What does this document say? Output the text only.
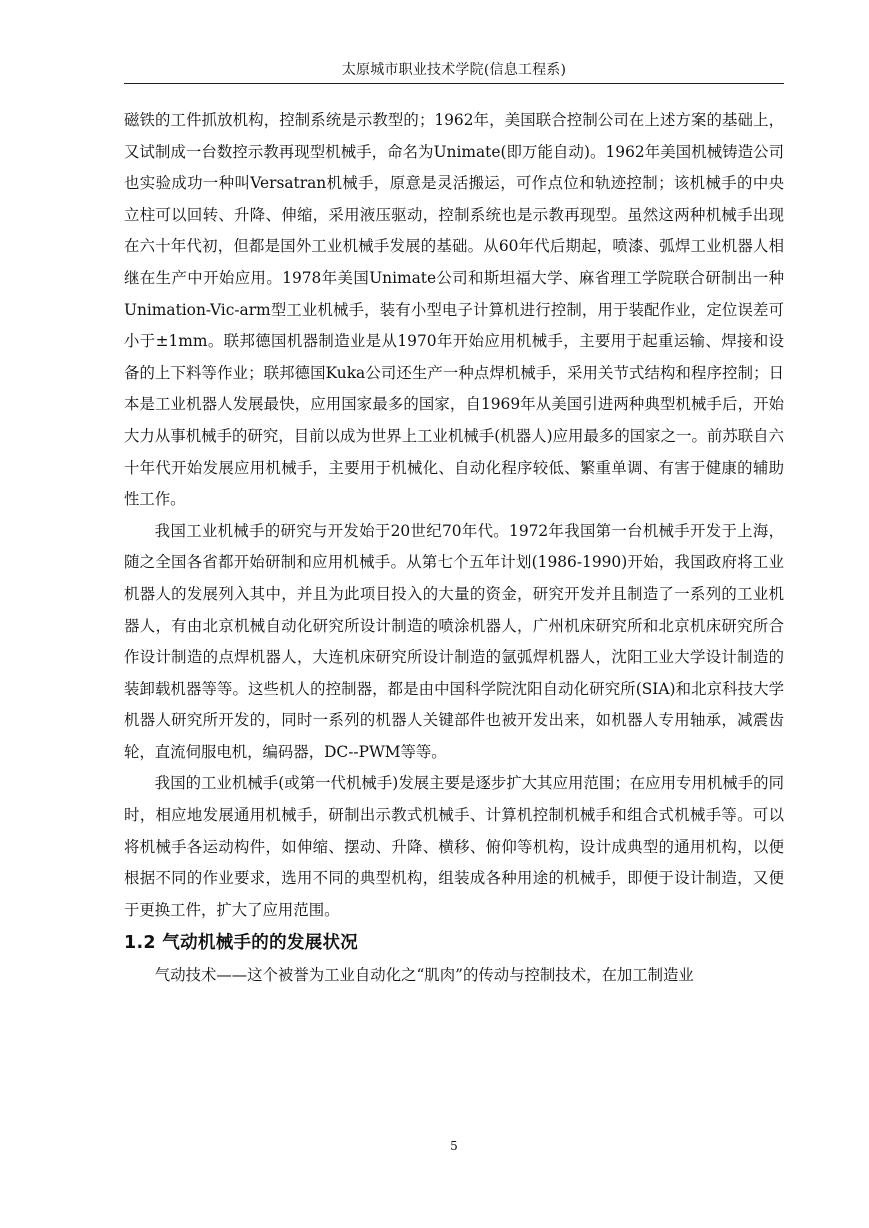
太原城市职业技术学院(信息工程系)

磁铁的工件抓放机构，控制系统是示教型的；1962年，美国联合控制公司在上述方案的基础上，又试制成一台数控示教再现型机械手，命名为Unimate(即万能自动)。1962年美国机械铸造公司也实验成功一种叫Versatran机械手，原意是灵活搬运，可作点位和轨迹控制；该机械手的中央立柱可以回转、升降、伸缩，采用液压驱动，控制系统也是示教再现型。虽然这两种机械手出现在六十年代初，但都是国外工业机械手发展的基础。从60年代后期起，喷漆、弧焊工业机器人相继在生产中开始应用。1978年美国Unimate公司和斯坦福大学、麻省理工学院联合研制出一种Unimation-Vic-arm型工业机械手，装有小型电子计算机进行控制，用于装配作业，定位误差可小于±1mm。联邦德国机器制造业是从1970年开始应用机械手，主要用于起重运输、焊接和设备的上下料等作业；联邦德国Kuka公司还生产一种点焊机械手，采用关节式结构和程序控制；日本是工业机器人发展最快，应用国家最多的国家，自1969年从美国引进两种典型机械手后，开始大力从事机械手的研究，目前以成为世界上工业机械手(机器人)应用最多的国家之一。前苏联自六十年代开始发展应用机械手，主要用于机械化、自动化程序较低、繁重单调、有害于健康的辅助性工作。

我国工业机械手的研究与开发始于20世纪70年代。1972年我国第一台机械手开发于上海，随之全国各省都开始研制和应用机械手。从第七个五年计划(1986-1990)开始，我国政府将工业机器人的发展列入其中，并且为此项目投入的大量的资金，研究开发并且制造了一系列的工业机器人，有由北京机械自动化研究所设计制造的喷涂机器人，广州机床研究所和北京机床研究所合作设计制造的点焊机器人，大连机床研究所设计制造的氩弧焊机器人，沈阳工业大学设计制造的装卸载机器等等。这些机人的控制器，都是由中国科学院沈阳自动化研究所(SIA)和北京科技大学机器人研究所开发的，同时一系列的机器人关键部件也被开发出来，如机器人专用轴承，减震齿轮，直流伺服电机，编码器，DC--PWM等等。

我国的工业机械手(或第一代机械手)发展主要是逐步扩大其应用范围；在应用专用机械手的同时，相应地发展通用机械手，研制出示教式机械手、计算机控制机械手和组合式机械手等。可以将机械手各运动构件，如伸缩、摆动、升降、横移、俯仰等机构，设计成典型的通用机构，以便根据不同的作业要求，选用不同的典型机构，组装成各种用途的机械手，即便于设计制造，又便于更换工件，扩大了应用范围。

1.2 气动机械手的的发展状况

气动技术——这个被誉为工业自动化之“肌肉”的传动与控制技术，在加工制造业

5
